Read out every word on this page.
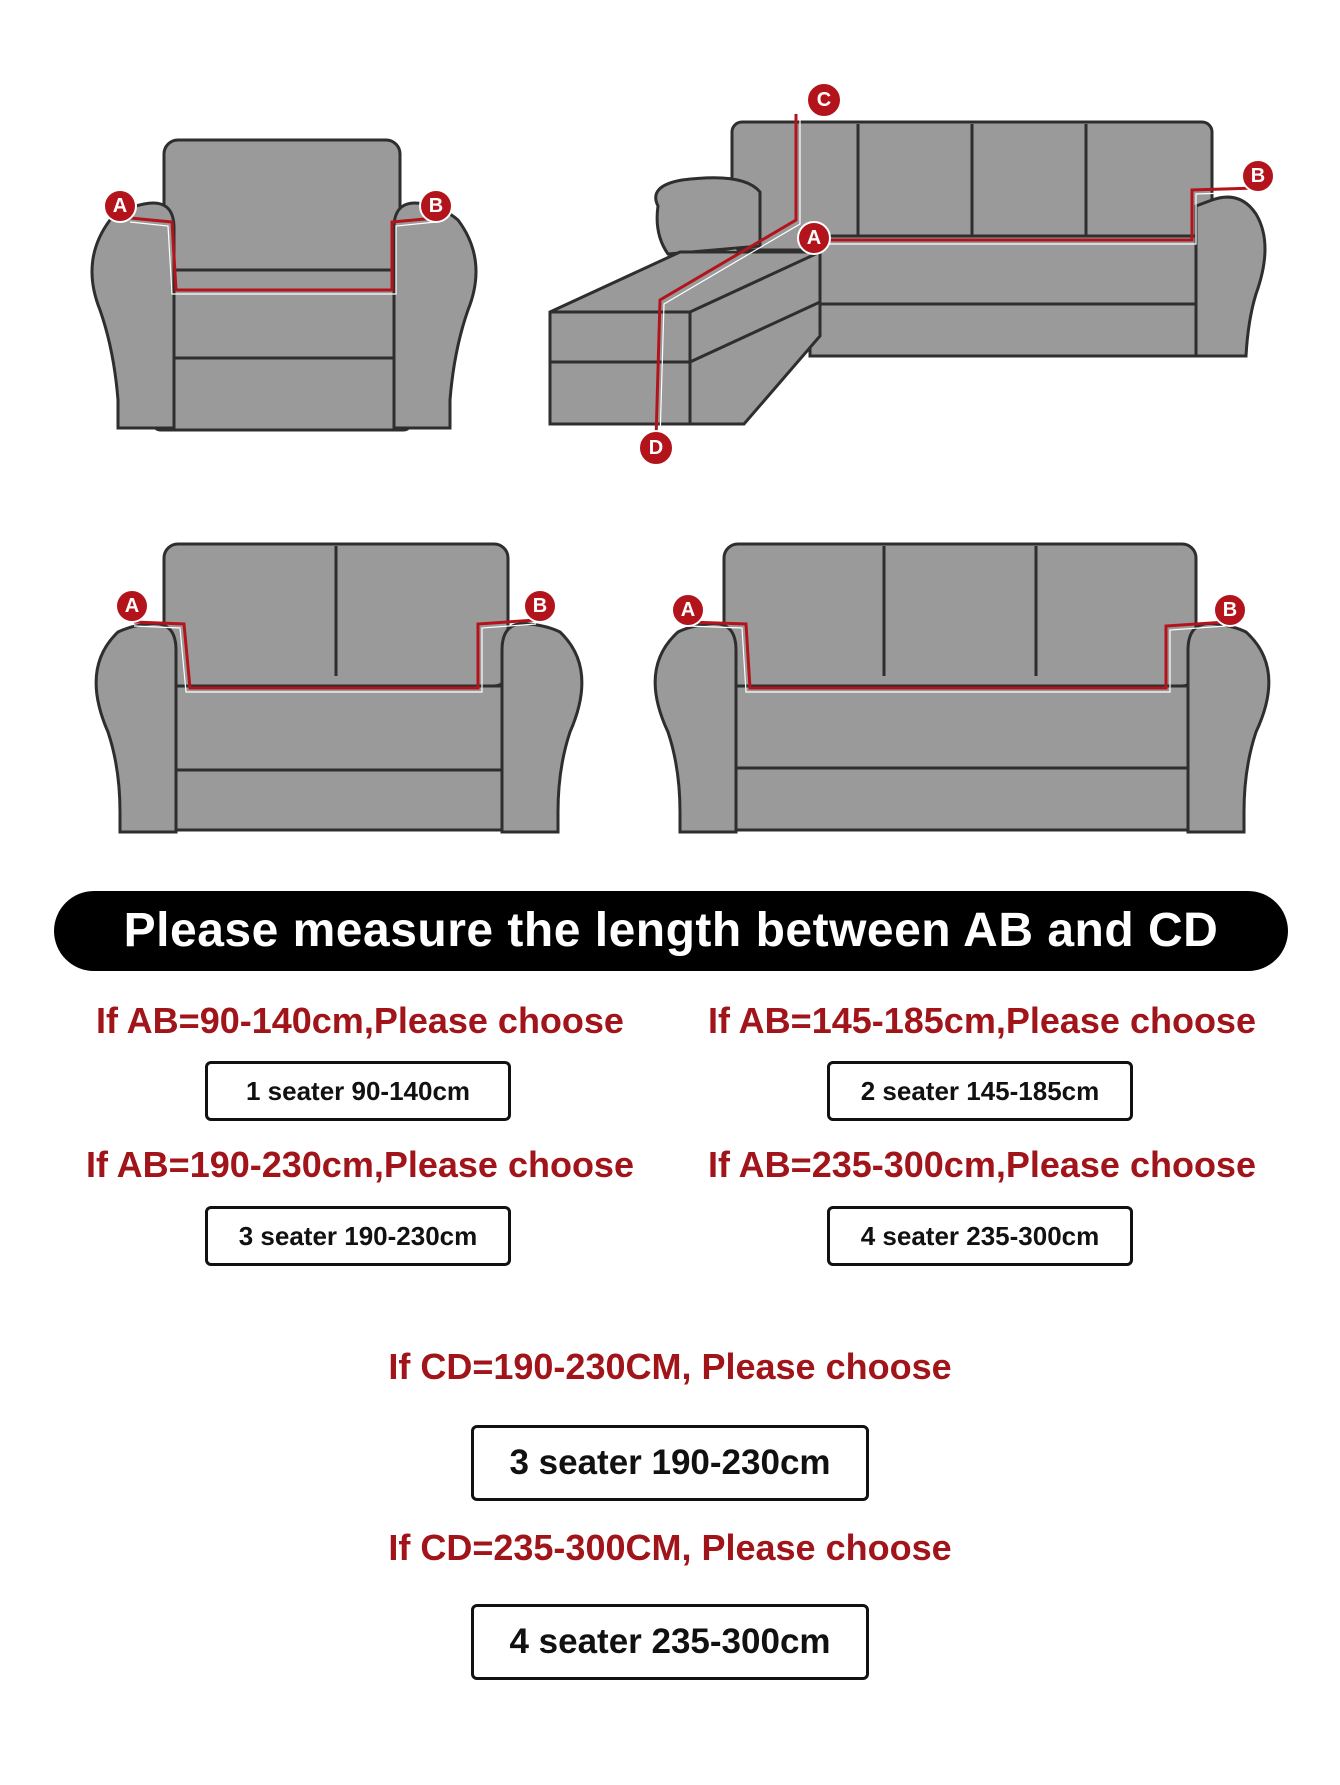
A	B
C
A
B
D
A	B	A	B
Please measure the length between AB and CD
If AB=90-140cm,Please choose
1 seater 90-140cm
If AB=145-185cm,Please choose
2 seater 145-185cm
If AB=190-230cm,Please choose
3 seater 190-230cm
If AB=235-300cm,Please choose
4 seater 235-300cm
If CD=190-230CM, Please choose
3 seater 190-230cm
If CD=235-300CM, Please choose
4 seater 235-300cm
